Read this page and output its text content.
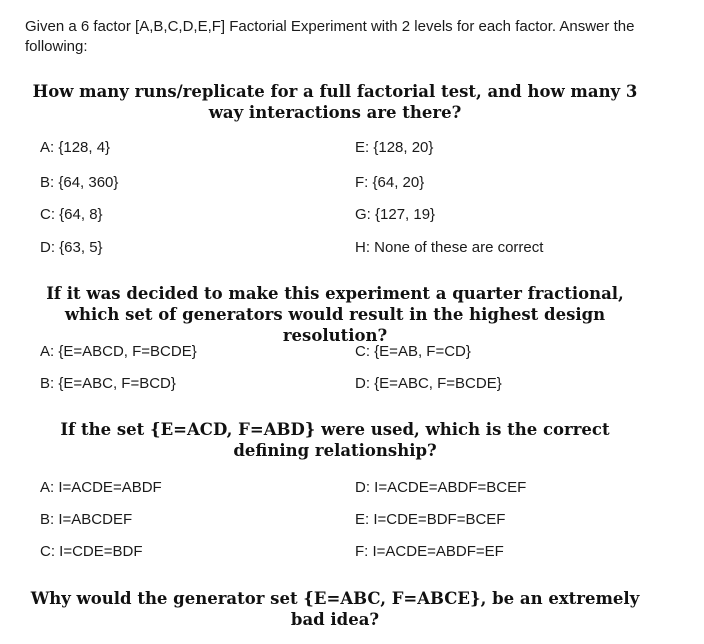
Given a 6 factor [A,B,C,D,E,F] Factorial Experiment with 2 levels for each factor. Answer the following:
How many runs/replicate for a full factorial test, and how many 3 way interactions are there?
A: {128, 4}
B: {64, 360}
C: {64, 8}
D: {63, 5}
E: {128, 20}
F: {64, 20}
G: {127, 19}
H: None of these are correct
If it was decided to make this experiment a quarter fractional, which set of generators would result in the highest design resolution?
A: {E=ABCD, F=BCDE}
B: {E=ABC, F=BCD}
C: {E=AB, F=CD}
D: {E=ABC, F=BCDE}
If the set {E=ACD, F=ABD} were used, which is the correct defining relationship?
A: I=ACDE=ABDF
B: I=ABCDEF
C: I=CDE=BDF
D: I=ACDE=ABDF=BCEF
E: I=CDE=BDF=BCEF
F: I=ACDE=ABDF=EF
Why would the generator set {E=ABC, F=ABCE}, be an extremely bad idea?
